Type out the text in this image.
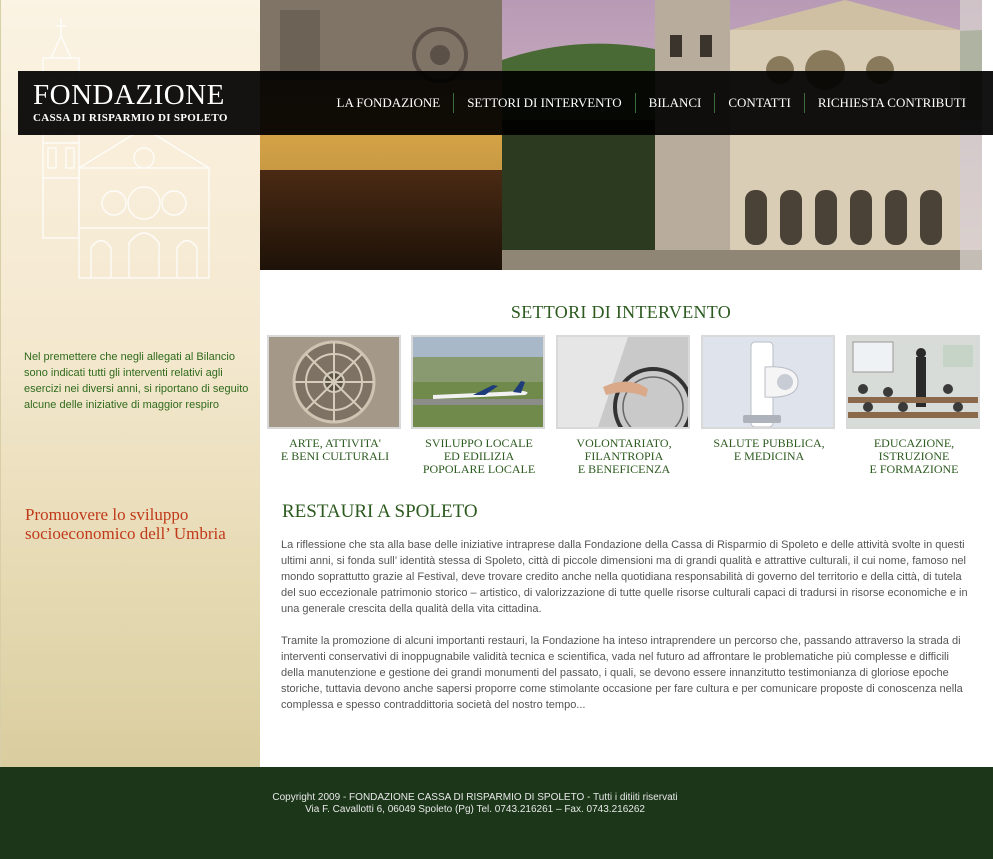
Nel premettere che negli allegati al Bilancio sono indicati tutti gli interventi relativi agli esercizi nei diversi anni, si riportano di seguito alcune delle iniziative di maggior respiro
Promuovere lo sviluppo socioeconomico dell’ Umbria
FONDAZIONE
CASSA DI RISPARMIO DI SPOLETO
LA FONDAZIONE	SETTORI DI INTERVENTO	BILANCI	CONTATTI	RICHIESTA CONTRIBUTI
SETTORI DI INTERVENTO
ARTE, ATTIVITA'
E BENI CULTURALI
SVILUPPO LOCALE
ED EDILIZIA
POPOLARE LOCALE
VOLONTARIATO,
FILANTROPIA
E BENEFICENZA
SALUTE PUBBLICA,
E MEDICINA
EDUCAZIONE,
ISTRUZIONE
E FORMAZIONE
RESTAURI A SPOLETO

La riflessione che sta alla base delle iniziative intraprese dalla Fondazione della Cassa di Risparmio di Spoleto e delle attività svolte in questi ultimi anni, si fonda sull’ identità stessa di Spoleto, città di piccole dimensioni ma di grandi qualità e attrattive culturali, il cui nome, famoso nel mondo soprattutto grazie al Festival, deve trovare credito anche nella quotidiana responsabilità di governo del territorio e della città, di tutela del suo eccezionale patrimonio storico – artistico, di valorizzazione di tutte quelle risorse culturali capaci di tradursi in risorse economiche e in una generale crescita della qualità della vita cittadina.

Tramite la promozione di alcuni importanti restauri, la Fondazione ha inteso intraprendere un percorso che, passando attraverso la strada di interventi conservativi di inoppugnabile validità tecnica e scientifica, vada nel futuro ad affrontare le problematiche più complesse e difficili della manutenzione e gestione dei grandi monumenti del passato, i quali, se devono essere innanzitutto testimonianza di gloriose epoche storiche, tuttavia devono anche sapersi proporre come stimolante occasione per fare cultura e per comunicare proposte di conoscenza nella complessa e spesso contraddittoria società del nostro tempo...

Copyright 2009 - FONDAZIONE CASSA DI RISPARMIO DI SPOLETO - Tutti i ditiiti riservati
Via F. Cavallotti 6, 06049 Spoleto (Pg) Tel. 0743.216261 – Fax. 0743.216262
